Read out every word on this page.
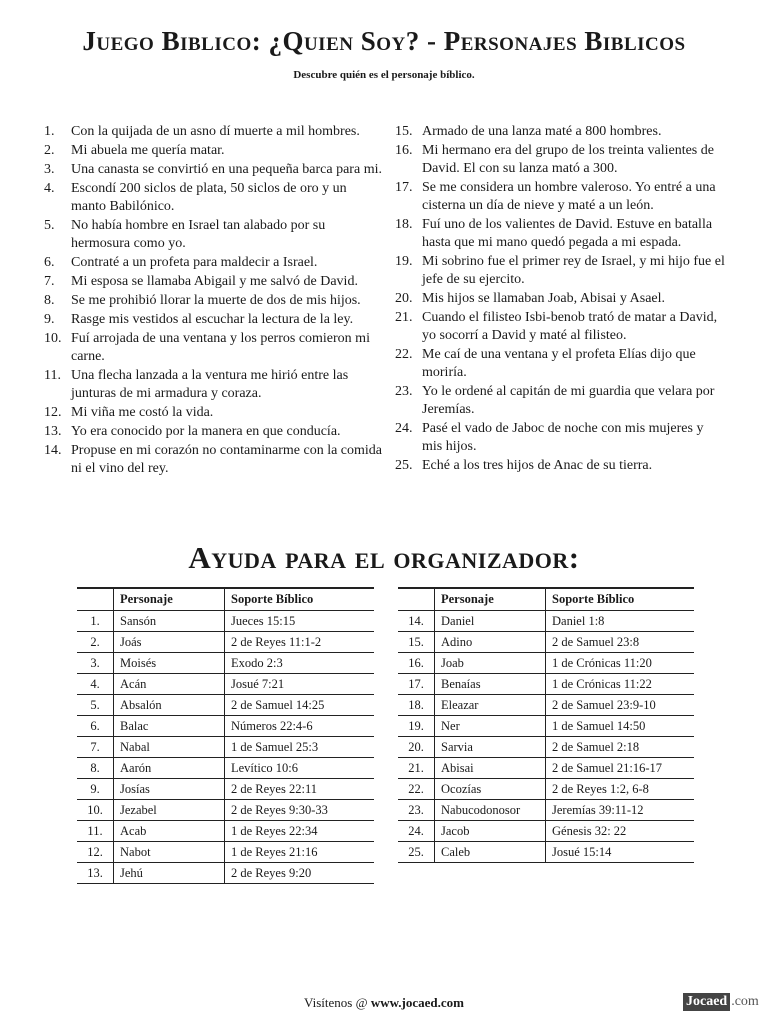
Juego Biblico: ¿Quien Soy? - Personajes Biblicos

Descubre quién es el personaje bíblico.

1.	Con la quijada de un asno dí muerte a mil hombres.
2.	Mi abuela me quería matar.
3.	Una canasta se convirtió en una pequeña barca para mi.
4.	Escondí 200 siclos de plata, 50 siclos de oro y un manto Babilónico.
5.	No había hombre en Israel tan alabado por su hermosura como yo.
6.	Contraté a un profeta para maldecir a Israel.
7.	Mi esposa se llamaba Abigail y me salvó de David.
8.	Se me prohibió llorar la muerte de dos de mis hijos.
9.	Rasge mis vestidos al escuchar la lectura de la ley.
10. Fuí arrojada de una ventana y los perros comieron mi carne.
11. Una flecha lanzada a la ventura me hirió entre las junturas de mi armadura y coraza.
12. Mi viña me costó la vida.
13. Yo era conocido por la manera en que conducía.
14. Propuse en mi corazón no contaminarme con la comida ni el vino del rey.
15. Armado de una lanza maté a 800 hombres.
16. Mi hermano era del grupo de los treinta valientes de David. El con su lanza mató a 300.
17. Se me considera un hombre valeroso. Yo entré a una cisterna un día de nieve y maté a un león.
18. Fuí uno de los valientes de David. Estuve en batalla hasta que mi mano quedó pegada a mi espada.
19. Mi sobrino fue el primer rey de Israel, y mi hijo fue el jefe de su ejercito.
20. Mis hijos se llamaban Joab, Abisai y Asael.
21. Cuando el filisteo Isbi-benob trató de matar a David, yo socorrí a David y maté al filisteo.
22. Me caí de una ventana y el profeta Elías dijo que moriría.
23. Yo le ordené al capitán de mi guardia que velara por Jeremías.
24. Pasé el vado de Jaboc de noche con mis mujeres y mis hijos.
25. Eché a los tres hijos de Anac de su tierra.
Ayuda para el organizador:
	Personaje	Soporte Bíblico
1.	Sansón	Jueces 15:15
2.	Joás	2 de Reyes 11:1-2
3.	Moisés	Exodo 2:3
4.	Acán	Josué 7:21
5.	Absalón	2 de Samuel 14:25
6.	Balac	Números 22:4-6
7.	Nabal	1 de Samuel 25:3
8.	Aarón	Levítico 10:6
9.	Josías	2 de Reyes 22:11
10.	Jezabel	2 de Reyes 9:30-33
11.	Acab	1 de Reyes 22:34
12.	Nabot	1 de Reyes 21:16
13.	Jehú	2 de Reyes 9:20
	Personaje	Soporte Bíblico
14.	Daniel	Daniel 1:8
15.	Adino	2 de Samuel 23:8
16.	Joab	1 de Crónicas 11:20
17.	Benaías	1 de Crónicas 11:22
18.	Eleazar	2 de Samuel 23:9-10
19.	Ner	1 de Samuel 14:50
20.	Sarvia	2 de Samuel 2:18
21.	Abisai	2 de Samuel 21:16-17
22.	Ocozías	2 de Reyes 1:2, 6-8
23.	Nabucodonosor	Jeremías 39:11-12
24.	Jacob	Génesis 32: 22
25.	Caleb	Josué 15:14
Visítenos @ www.jocaed.com	Jocaed .com
